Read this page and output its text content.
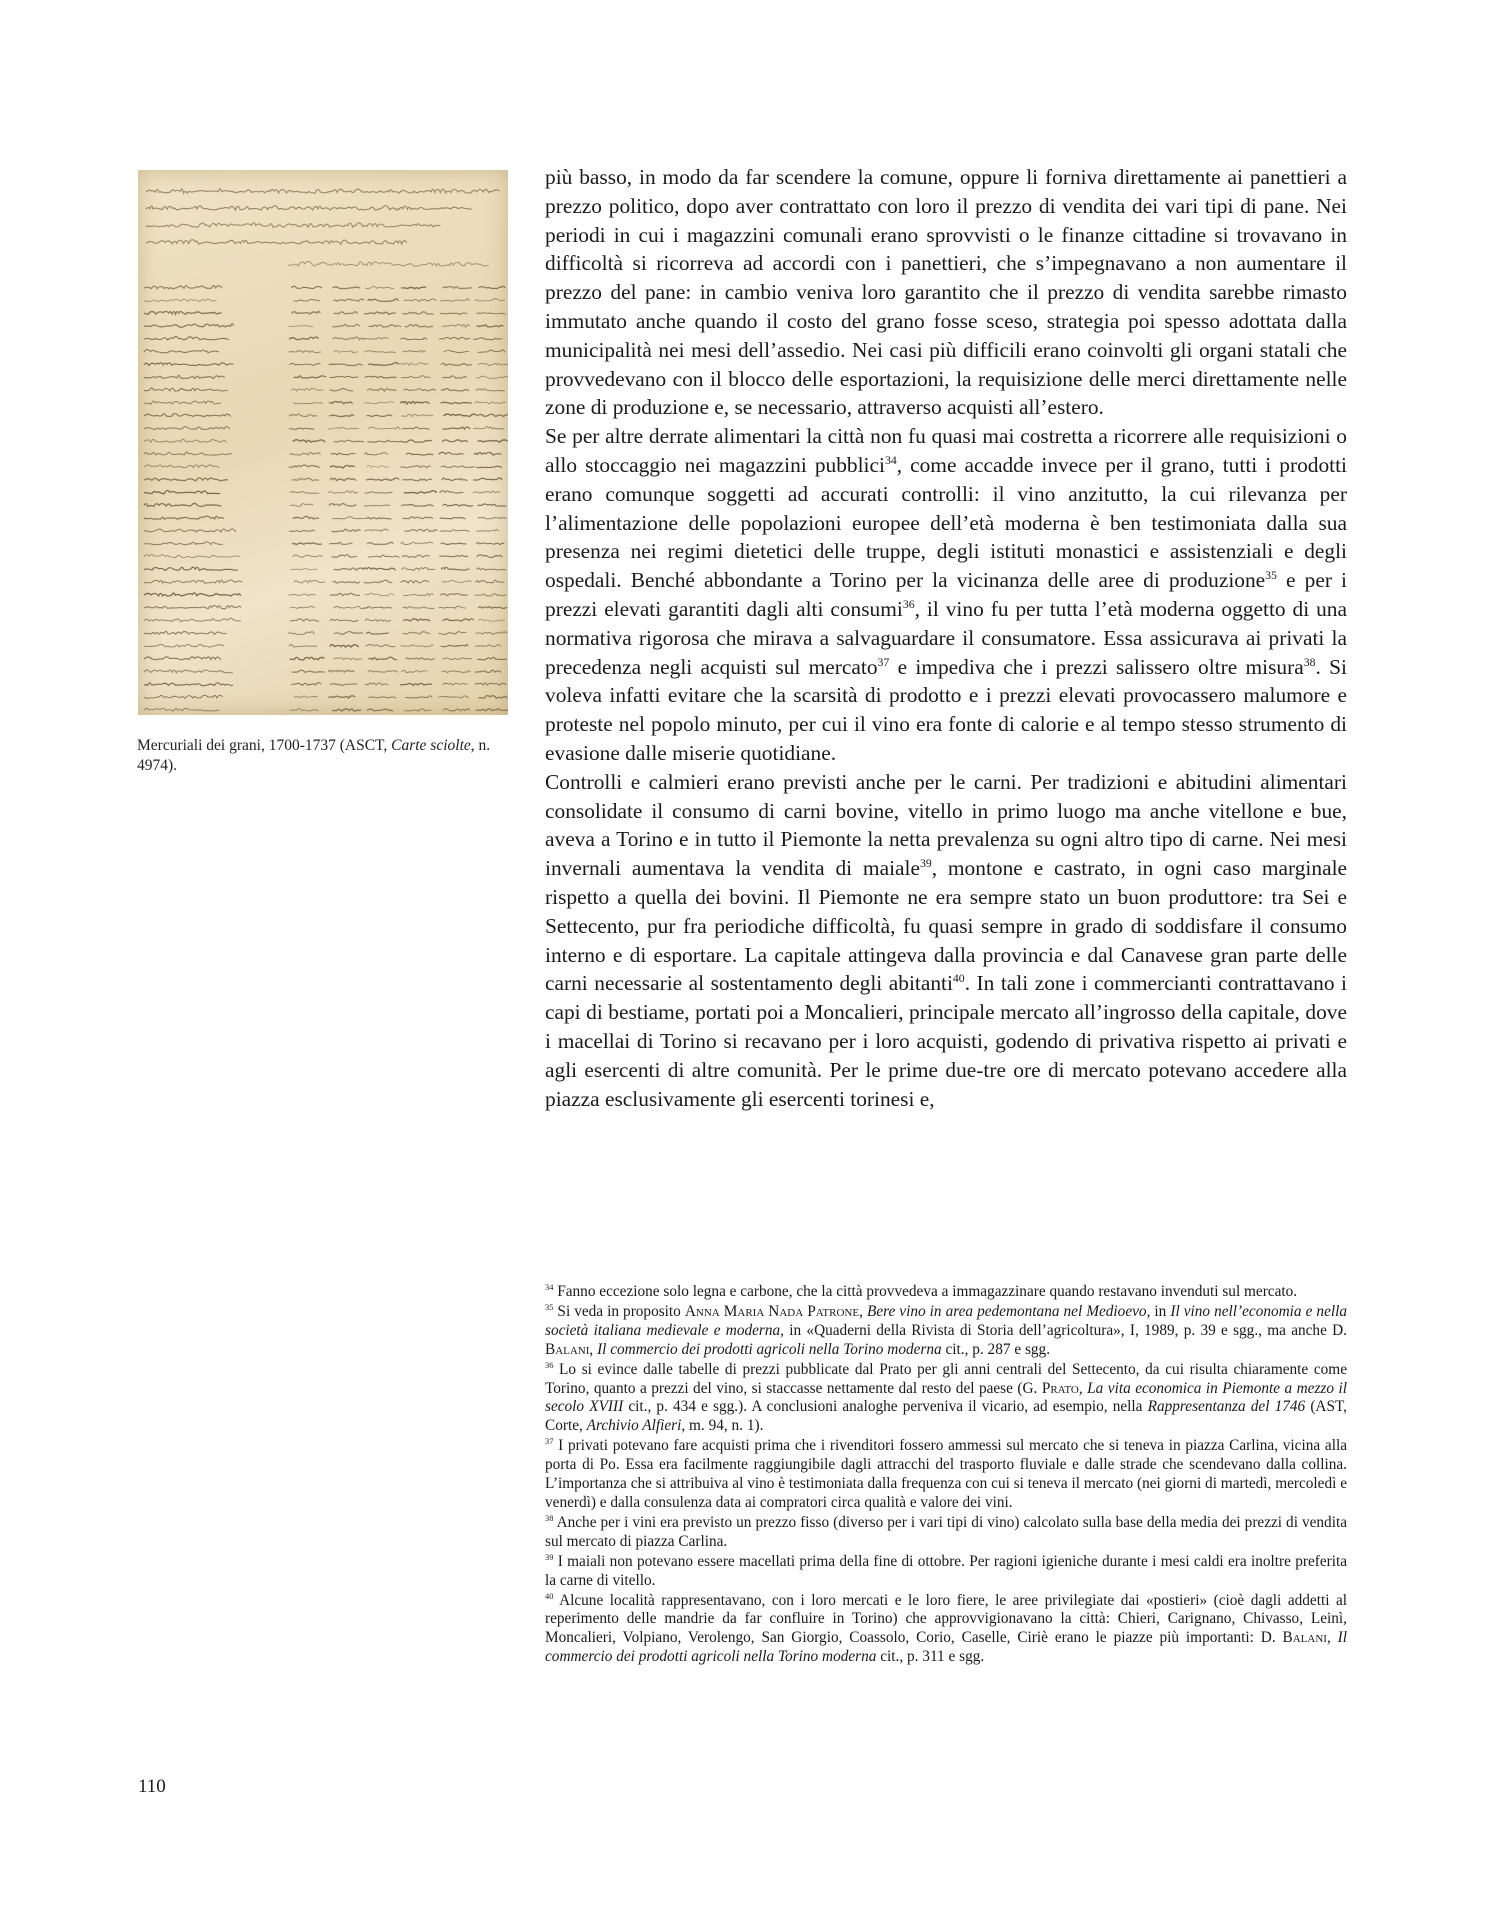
Mercuriali dei grani, 1700-1737 (ASCT, Carte sciolte, n. 4974).

più basso, in modo da far scendere la comune, oppure li forniva direttamente ai panettieri a prezzo politico, dopo aver contrattato con loro il prezzo di vendita dei vari tipi di pane. Nei periodi in cui i magazzini comunali erano sprovvisti o le finanze cittadine si trovavano in difficoltà si ricorreva ad accordi con i panettieri, che s’impegnavano a non aumentare il prezzo del pane: in cambio veniva loro garantito che il prezzo di vendita sarebbe rimasto immutato anche quando il costo del grano fosse sceso, strategia poi spesso adottata dalla municipalità nei mesi dell’assedio. Nei casi più difficili erano coinvolti gli organi statali che provvedevano con il blocco delle esportazioni, la requisizione delle merci direttamente nelle zone di produzione e, se necessario, attraverso acquisti all’estero.

Se per altre derrate alimentari la città non fu quasi mai costretta a ricorrere alle requisizioni o allo stoccaggio nei magazzini pubblici$^{34}$, come accadde invece per il grano, tutti i prodotti erano comunque soggetti ad accurati controlli: il vino anzitutto, la cui rilevanza per l’alimentazione delle popolazioni europee dell’età moderna è ben testimoniata dalla sua presenza nei regimi dietetici delle truppe, degli istituti monastici e assistenziali e degli ospedali. Benché abbondante a Torino per la vicinanza delle aree di produzione$^{35}$ e per i prezzi elevati garantiti dagli alti consumi$^{36}$, il vino fu per tutta l’età moderna oggetto di una normativa rigorosa che mirava a salvaguardare il consumatore. Essa assicurava ai privati la precedenza negli acquisti sul mercato$^{37}$ e impediva che i prezzi salissero oltre misura$^{38}$. Si voleva infatti evitare che la scarsità di prodotto e i prezzi elevati provocassero malumore e proteste nel popolo minuto, per cui il vino era fonte di calorie e al tempo stesso strumento di evasione dalle miserie quotidiane.

Controlli e calmieri erano previsti anche per le carni. Per tradizioni e abitudini alimentari consolidate il consumo di carni bovine, vitello in primo luogo ma anche vitellone e bue, aveva a Torino e in tutto il Piemonte la netta prevalenza su ogni altro tipo di carne. Nei mesi invernali aumentava la vendita di maiale$^{39}$, montone e castrato, in ogni caso marginale rispetto a quella dei bovini. Il Piemonte ne era sempre stato un buon produttore: tra Sei e Settecento, pur fra periodiche difficoltà, fu quasi sempre in grado di soddisfare il consumo interno e di esportare. La capitale attingeva dalla provincia e dal Canavese gran parte delle carni necessarie al sostentamento degli abitanti$^{40}$. In tali zone i commercianti contrattavano i capi di bestiame, portati poi a Moncalieri, principale mercato all’ingrosso della capitale, dove i macellai di Torino si recavano per i loro acquisti, godendo di privativa rispetto ai privati e agli esercenti di altre comunità. Per le prime due-tre ore di mercato potevano accedere alla piazza esclusivamente gli esercenti torinesi e,

$^{34}$ Fanno eccezione solo legna e carbone, che la città provvedeva a immagazzinare quando restavano invenduti sul mercato.

$^{35}$ Si veda in proposito Anna Maria Nada Patrone, Bere vino in area pedemontana nel Medioevo, in Il vino nell’economia e nella società italiana medievale e moderna, in «Quaderni della Rivista di Storia dell’agricoltura», I, 1989, p. 39 e sgg., ma anche D. Balani, Il commercio dei prodotti agricoli nella Torino moderna cit., p. 287 e sgg.

$^{36}$ Lo si evince dalle tabelle di prezzi pubblicate dal Prato per gli anni centrali del Settecento, da cui risulta chiaramente come Torino, quanto a prezzi del vino, si staccasse nettamente dal resto del paese (G. Prato, La vita economica in Piemonte a mezzo il secolo XVIII cit., p. 434 e sgg.). A conclusioni analoghe perveniva il vicario, ad esempio, nella Rappresentanza del 1746 (AST, Corte, Archivio Alfieri, m. 94, n. 1).

$^{37}$ I privati potevano fare acquisti prima che i rivenditori fossero ammessi sul mercato che si teneva in piazza Carlina, vicina alla porta di Po. Essa era facilmente raggiungibile dagli attracchi del trasporto fluviale e dalle strade che scendevano dalla collina. L’importanza che si attribuiva al vino è testimoniata dalla frequenza con cui si teneva il mercato (nei giorni di martedì, mercoledì e venerdì) e dalla consulenza data ai compratori circa qualità e valore dei vini.

$^{38}$ Anche per i vini era previsto un prezzo fisso (diverso per i vari tipi di vino) calcolato sulla base della media dei prezzi di vendita sul mercato di piazza Carlina.

$^{39}$ I maiali non potevano essere macellati prima della fine di ottobre. Per ragioni igieniche durante i mesi caldi era inoltre preferita la carne di vitello.

$^{40}$ Alcune località rappresentavano, con i loro mercati e le loro fiere, le aree privilegiate dai «postieri» (cioè dagli addetti al reperimento delle mandrie da far confluire in Torino) che approvvigionavano la città: Chieri, Carignano, Chivasso, Leinì, Moncalieri, Volpiano, Verolengo, San Giorgio, Coassolo, Corio, Caselle, Ciriè erano le piazze più importanti: D. Balani, Il commercio dei prodotti agricoli nella Torino moderna cit., p. 311 e sgg.

110
